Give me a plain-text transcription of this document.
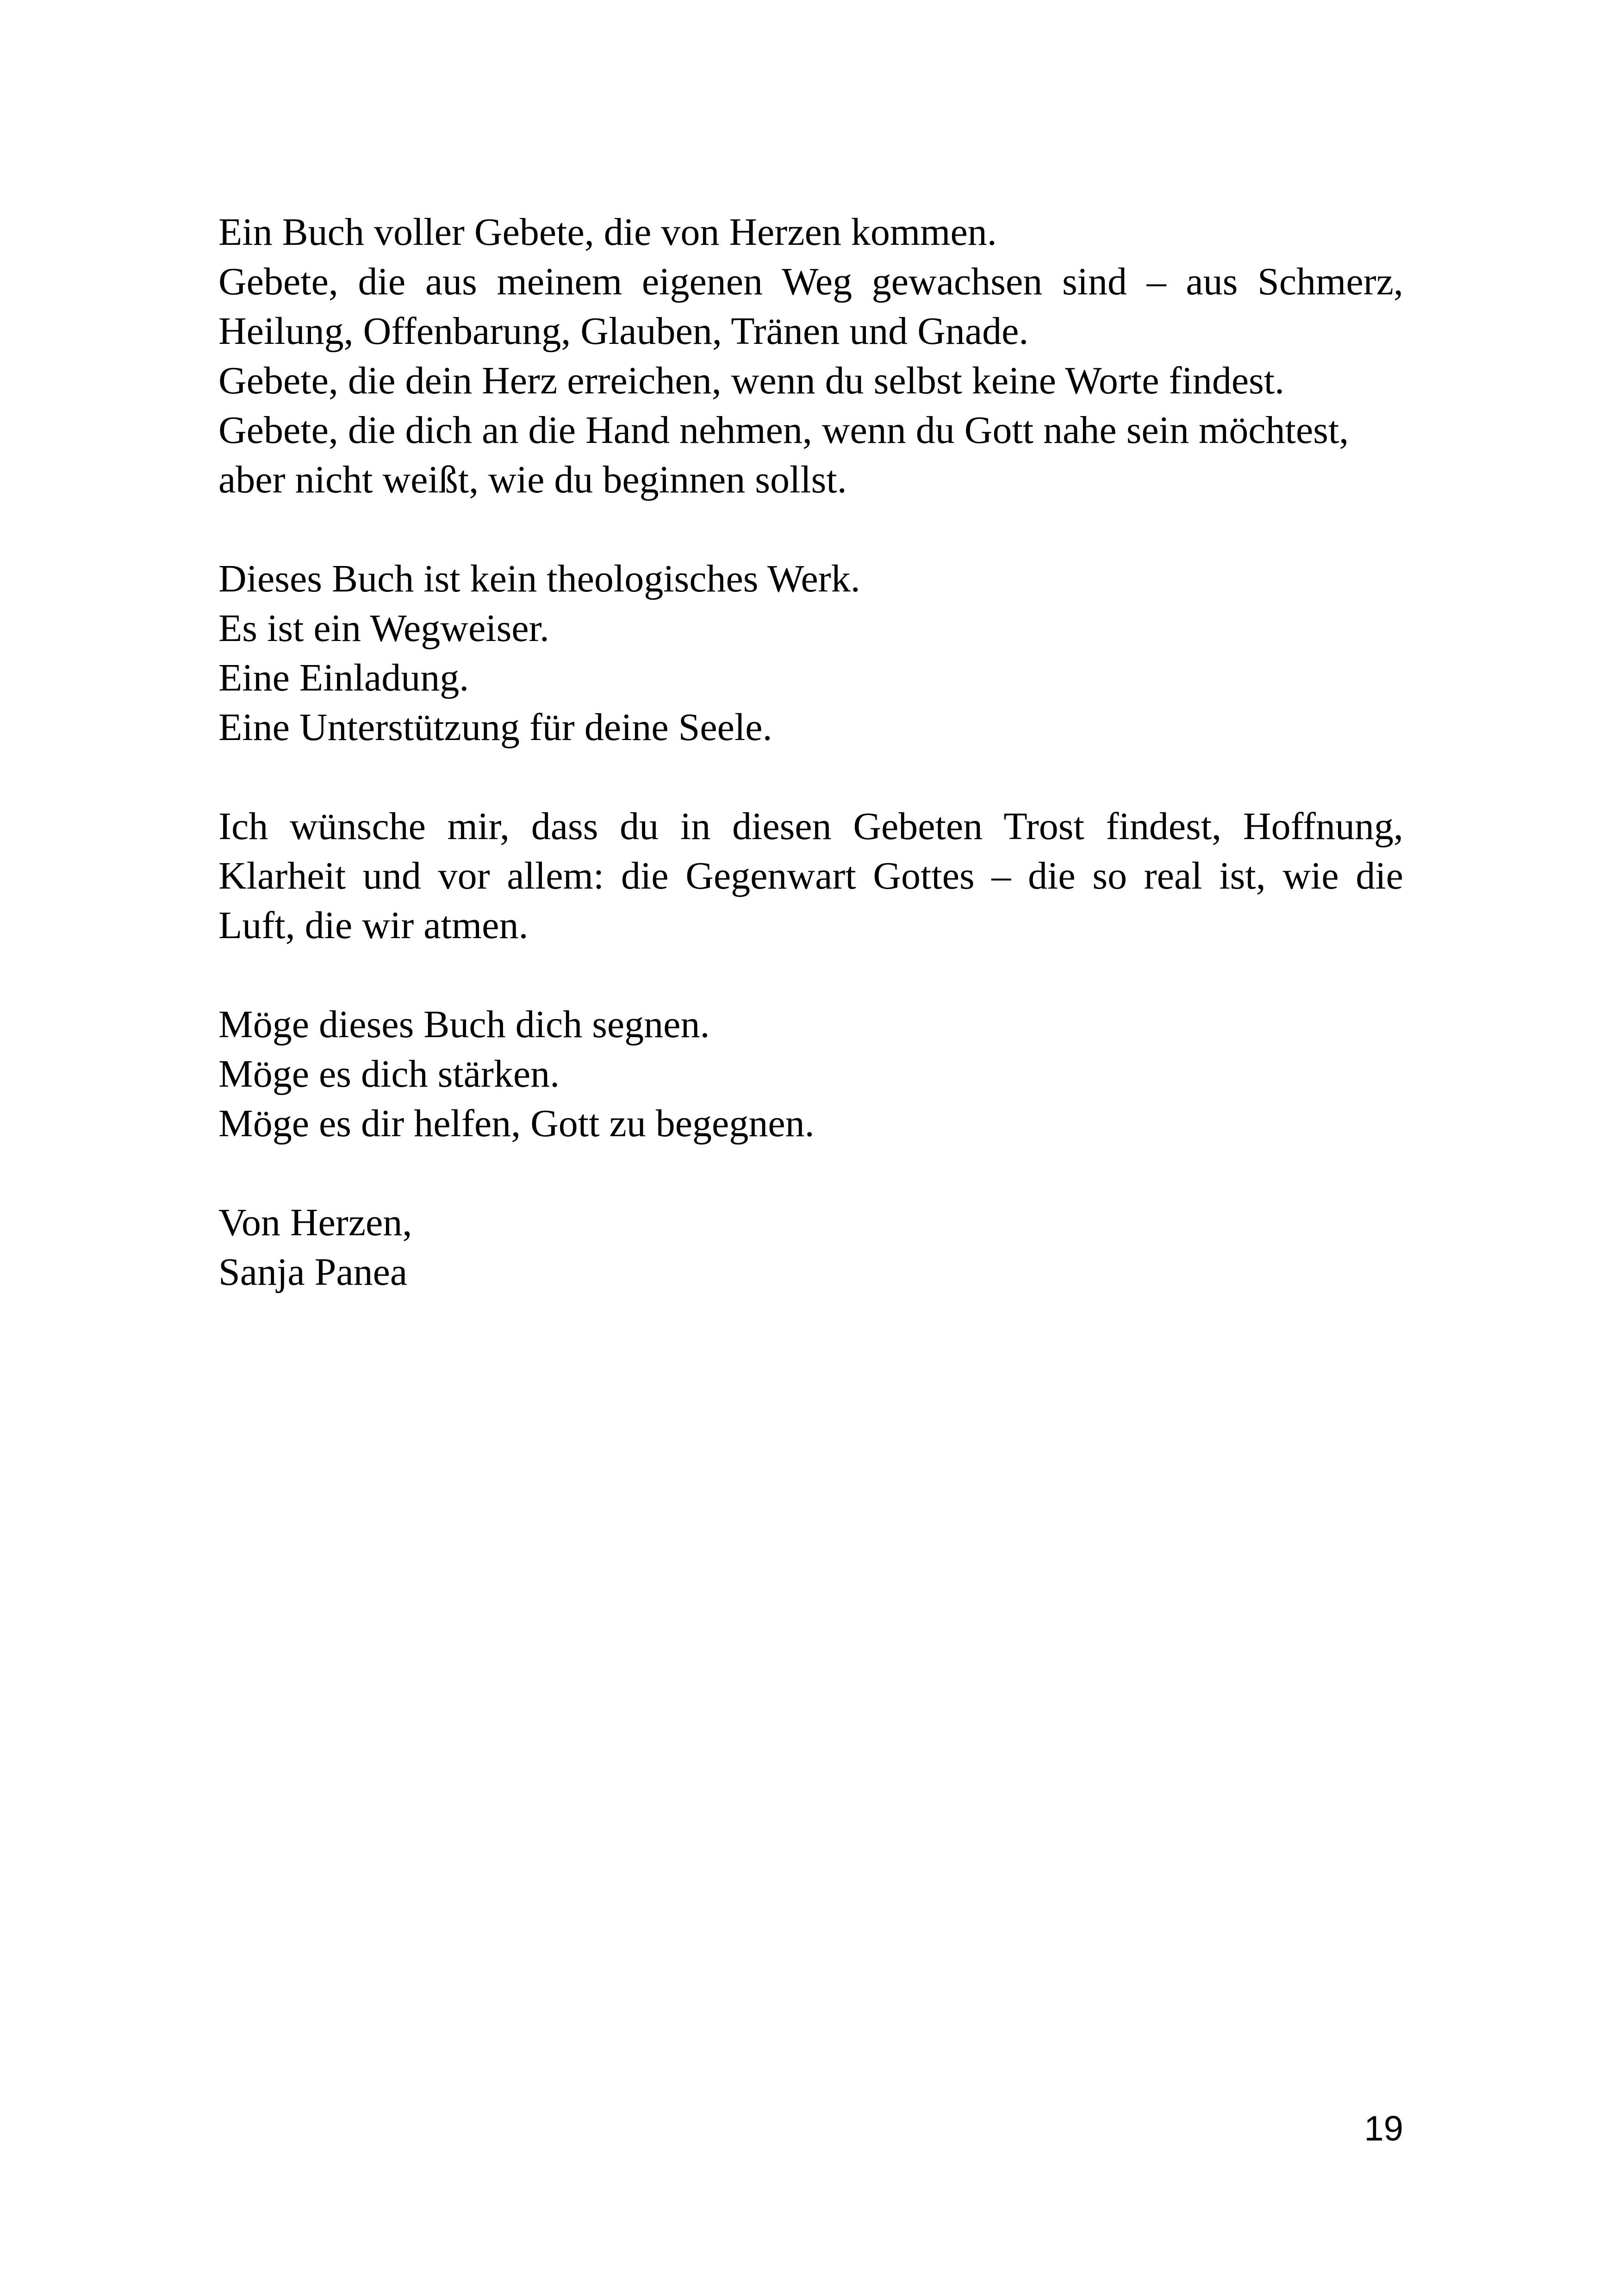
Ein Buch voller Gebete, die von Herzen kommen.
Gebete, die aus meinem eigenen Weg gewachsen sind – aus Schmerz,
Heilung, Offenbarung, Glauben, Tränen und Gnade.
Gebete, die dein Herz erreichen, wenn du selbst keine Worte findest.
Gebete, die dich an die Hand nehmen, wenn du Gott nahe sein möchtest,
aber nicht weißt, wie du beginnen sollst.

Dieses Buch ist kein theologisches Werk.
Es ist ein Wegweiser.
Eine Einladung.
Eine Unterstützung für deine Seele.

Ich wünsche mir, dass du in diesen Gebeten Trost findest, Hoffnung,
Klarheit und vor allem: die Gegenwart Gottes – die so real ist, wie die
Luft, die wir atmen.

Möge dieses Buch dich segnen.
Möge es dich stärken.
Möge es dir helfen, Gott zu begegnen.

Von Herzen,
Sanja Panea

19
